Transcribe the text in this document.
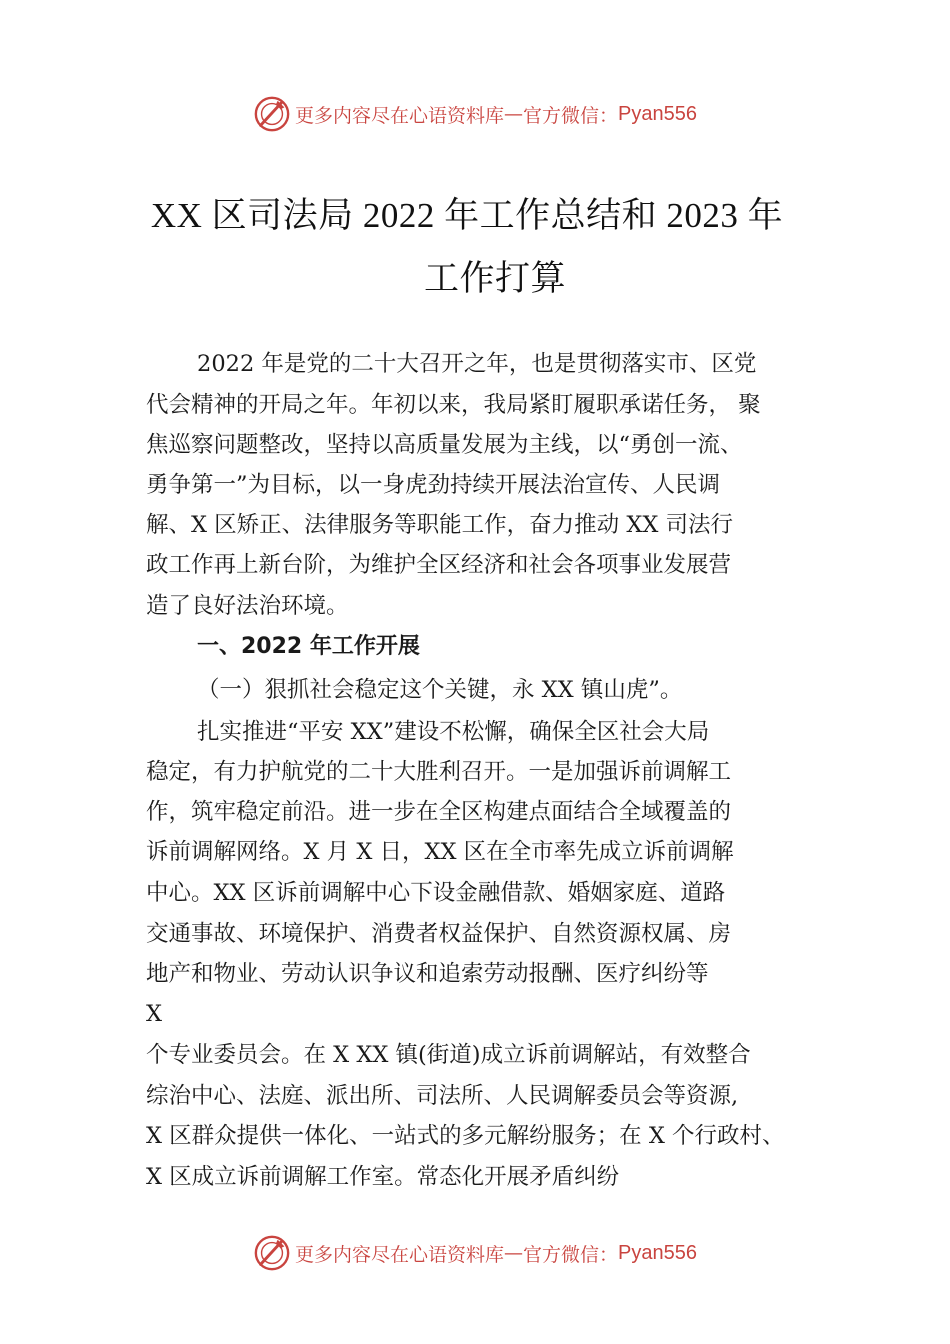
更多内容尽在心语资料库 — 官方微信： Pyan556
XX 区司法局 2022 年工作总结和 2023 年
工作打算
2022 年是党的二十大召开之年，也是贯彻落实市、区党
代会精神的开局之年。年初以来，我局紧盯履职承诺任务， 聚
焦巡察问题整改，坚持以高质量发展为主线，以“勇创一流、
勇争第一”为目标，以一身虎劲持续开展法治宣传、人民调
解、X 区矫正、法律服务等职能工作，奋力推动 XX 司法行
政工作再上新台阶，为维护全区经济和社会各项事业发展营
造了良好法治环境。
一、2022 年工作开展
（一）狠抓社会稳定这个关键，永 XX 镇山虎”。
扎实推进“平安 XX”建设不松懈，确保全区社会大局
稳定，有力护航党的二十大胜利召开。一是加强诉前调解工
作，筑牢稳定前沿。进一步在全区构建点面结合全域覆盖的
诉前调解网络。X 月 X 日，XX 区在全市率先成立诉前调解
中心。XX 区诉前调解中心下设金融借款、婚姻家庭、道路
交通事故、环境保护、消费者权益保护、自然资源权属、房
地产和物业、劳动认识争议和追索劳动报酬、医疗纠纷等
X
个专业委员会。在 X XX 镇(街道)成立诉前调解站，有效整合
综治中心、法庭、派出所、司法所、人民调解委员会等资源,
X 区群众提供一体化、一站式的多元解纷服务；在 X 个行政村、
X 区成立诉前调解工作室。常态化开展矛盾纠纷
更多内容尽在心语资料库 — 官方微信： Pyan556
